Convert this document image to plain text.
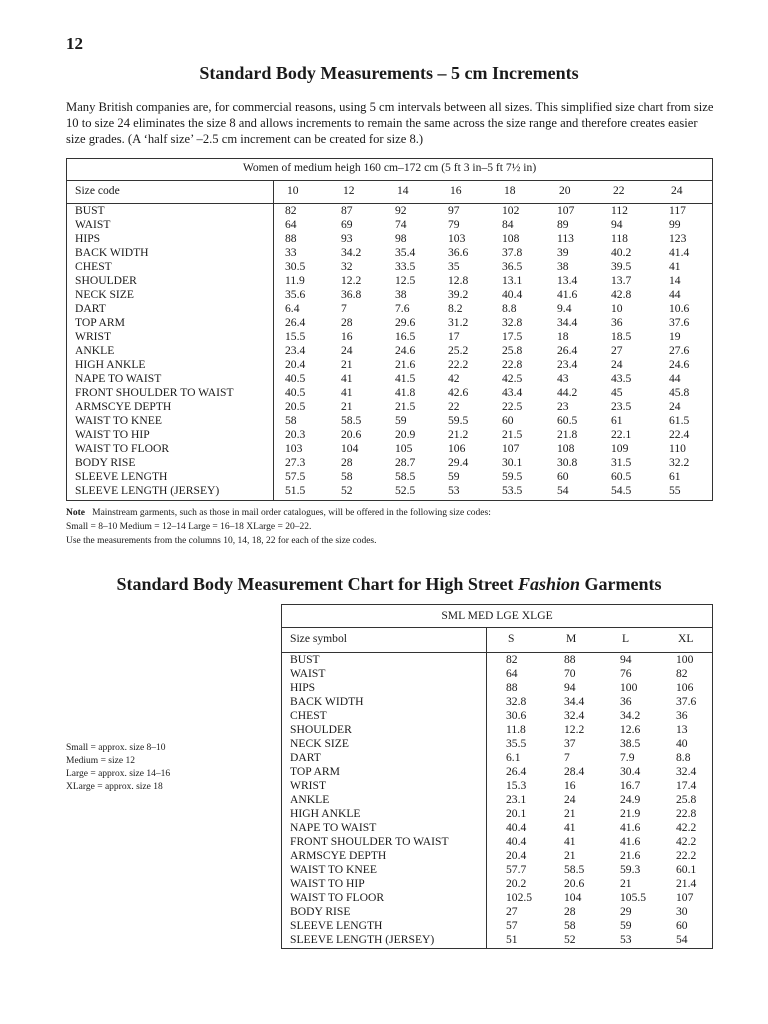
12
Standard Body Measurements – 5 cm Increments
Many British companies are, for commercial reasons, using 5 cm intervals between all sizes. This simplified size chart from size 10 to size 24 eliminates the size 8 and allows increments to remain the same across the size range and therefore creates easier size grades. (A ‘half size’ –2.5 cm increment can be created for size 8.)
Women of medium heigh 160 cm–172 cm (5 ft 3 in–5 ft 7½ in)
Size code	10	12	14	16	18	20	22	24
BUST	82	87	92	97	102	107	112	117
WAIST	64	69	74	79	84	89	94	99
HIPS	88	93	98	103	108	113	118	123
BACK WIDTH	33	34.2	35.4	36.6	37.8	39	40.2	41.4
CHEST	30.5	32	33.5	35	36.5	38	39.5	41
SHOULDER	11.9	12.2	12.5	12.8	13.1	13.4	13.7	14
NECK SIZE	35.6	36.8	38	39.2	40.4	41.6	42.8	44
DART	6.4	7	7.6	8.2	8.8	9.4	10	10.6
TOP ARM	26.4	28	29.6	31.2	32.8	34.4	36	37.6
WRIST	15.5	16	16.5	17	17.5	18	18.5	19
ANKLE	23.4	24	24.6	25.2	25.8	26.4	27	27.6
HIGH ANKLE	20.4	21	21.6	22.2	22.8	23.4	24	24.6
NAPE TO WAIST	40.5	41	41.5	42	42.5	43	43.5	44
FRONT SHOULDER TO WAIST	40.5	41	41.8	42.6	43.4	44.2	45	45.8
ARMSCYE DEPTH	20.5	21	21.5	22	22.5	23	23.5	24
WAIST TO KNEE	58	58.5	59	59.5	60	60.5	61	61.5
WAIST TO HIP	20.3	20.6	20.9	21.2	21.5	21.8	22.1	22.4
WAIST TO FLOOR	103	104	105	106	107	108	109	110
BODY RISE	27.3	28	28.7	29.4	30.1	30.8	31.5	32.2
SLEEVE LENGTH	57.5	58	58.5	59	59.5	60	60.5	61
SLEEVE LENGTH (JERSEY)	51.5	52	52.5	53	53.5	54	54.5	55
Note Mainstream garments, such as those in mail order catalogues, will be offered in the following size codes:
Small = 8–10 Medium = 12–14 Large = 16–18 XLarge = 20–22.
Use the measurements from the columns 10, 14, 18, 22 for each of the size codes.
Standard Body Measurement Chart for High Street Fashion Garments
Small = approx. size 8–10
Medium = size 12
Large = approx. size 14–16
XLarge = approx. size 18
SML MED LGE XLGE
Size symbol	S	M	L	XL
BUST	82	88	94	100
WAIST	64	70	76	82
HIPS	88	94	100	106
BACK WIDTH	32.8	34.4	36	37.6
CHEST	30.6	32.4	34.2	36
SHOULDER	11.8	12.2	12.6	13
NECK SIZE	35.5	37	38.5	40
DART	6.1	7	7.9	8.8
TOP ARM	26.4	28.4	30.4	32.4
WRIST	15.3	16	16.7	17.4
ANKLE	23.1	24	24.9	25.8
HIGH ANKLE	20.1	21	21.9	22.8
NAPE TO WAIST	40.4	41	41.6	42.2
FRONT SHOULDER TO WAIST	40.4	41	41.6	42.2
ARMSCYE DEPTH	20.4	21	21.6	22.2
WAIST TO KNEE	57.7	58.5	59.3	60.1
WAIST TO HIP	20.2	20.6	21	21.4
WAIST TO FLOOR	102.5	104	105.5	107
BODY RISE	27	28	29	30
SLEEVE LENGTH	57	58	59	60
SLEEVE LENGTH (JERSEY)	51	52	53	54
